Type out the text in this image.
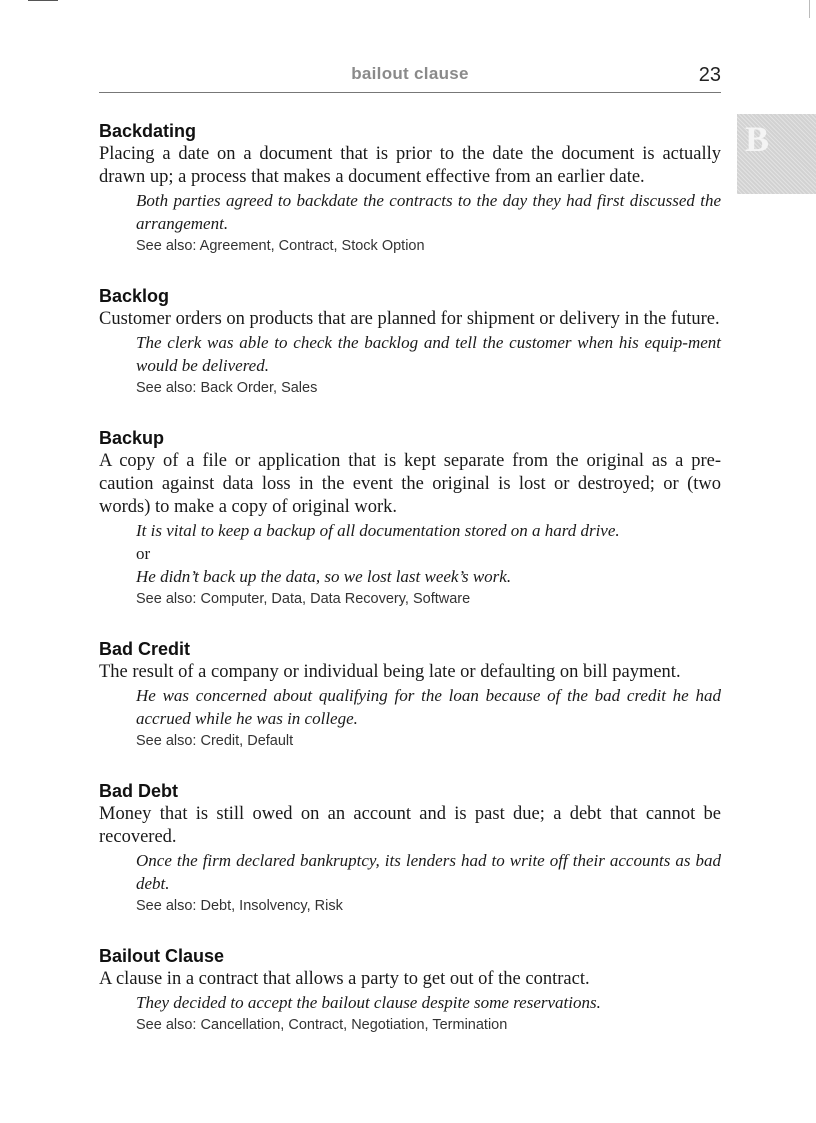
bailout clause	23
B
Backdating

Placing a date on a document that is prior to the date the document is actually drawn up; a process that makes a document effective from an earlier date.

Both parties agreed to backdate the contracts to the day they had first discussed the arrangement.

See also: Agreement, Contract, Stock Option
Backlog

Customer orders on products that are planned for shipment or delivery in the future.

The clerk was able to check the backlog and tell the customer when his equip-ment would be delivered.

See also: Back Order, Sales
Backup

A copy of a file or application that is kept separate from the original as a pre-caution against data loss in the event the original is lost or destroyed; or (two words) to make a copy of original work.

It is vital to keep a backup of all documentation stored on a hard drive.

or

He didn’t back up the data, so we lost last week’s work.

See also: Computer, Data, Data Recovery, Software
Bad Credit

The result of a company or individual being late or defaulting on bill payment.

He was concerned about qualifying for the loan because of the bad credit he had accrued while he was in college.

See also: Credit, Default
Bad Debt

Money that is still owed on an account and is past due; a debt that cannot be recovered.

Once the firm declared bankruptcy, its lenders had to write off their accounts as bad debt.

See also: Debt, Insolvency, Risk
Bailout Clause

A clause in a contract that allows a party to get out of the contract.

They decided to accept the bailout clause despite some reservations.

See also: Cancellation, Contract, Negotiation, Termination
